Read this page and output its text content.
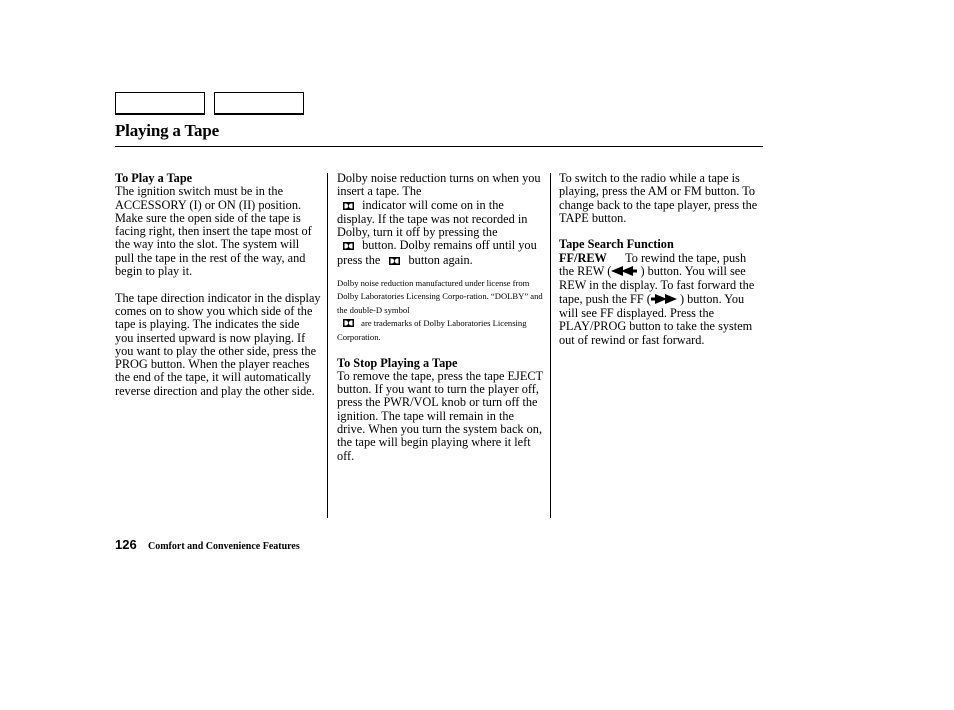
Playing a Tape
To Play a Tape
The ignition switch must be in the ACCESSORY (I) or ON (II) position. Make sure the open side of the tape is facing right, then insert the tape most of the way into the slot. The system will pull the tape in the rest of the way, and begin to play it.
The tape direction indicator in the display comes on to show you which side of the tape is playing. The indicates the side you inserted upward is now playing. If you want to play the other side, press the PROG button. When the player reaches the end of the tape, it will automatically reverse direction and play the other side.
Dolby noise reduction turns on when you insert a tape. The
indicator will come on in the display. If the tape was not recorded in Dolby, turn it off by pressing the
button. Dolby remains off until you press the button again.
Dolby noise reduction manufactured under license from Dolby Laboratories Licensing Corpo-ration. “DOLBY” and the double-D symbol
are trademarks of Dolby Laboratories Licensing Corporation.
To Stop Playing a Tape
To remove the tape, press the tape EJECT button. If you want to turn the player off, press the PWR/VOL knob or turn off the ignition. The tape will remain in the drive. When you turn the system back on, the tape will begin playing where it left off.
To switch to the radio while a tape is playing, press the AM or FM button. To change back to the tape player, press the TAPE button.
Tape Search Function
FF/REW To rewind the tape, push the REW ( ) button. You will see REW in the display. To fast forward the tape, push the FF ( ) button. You will see FF displayed. Press the PLAY/PROG button to take the system out of rewind or fast forward.
126 Comfort and Convenience Features
